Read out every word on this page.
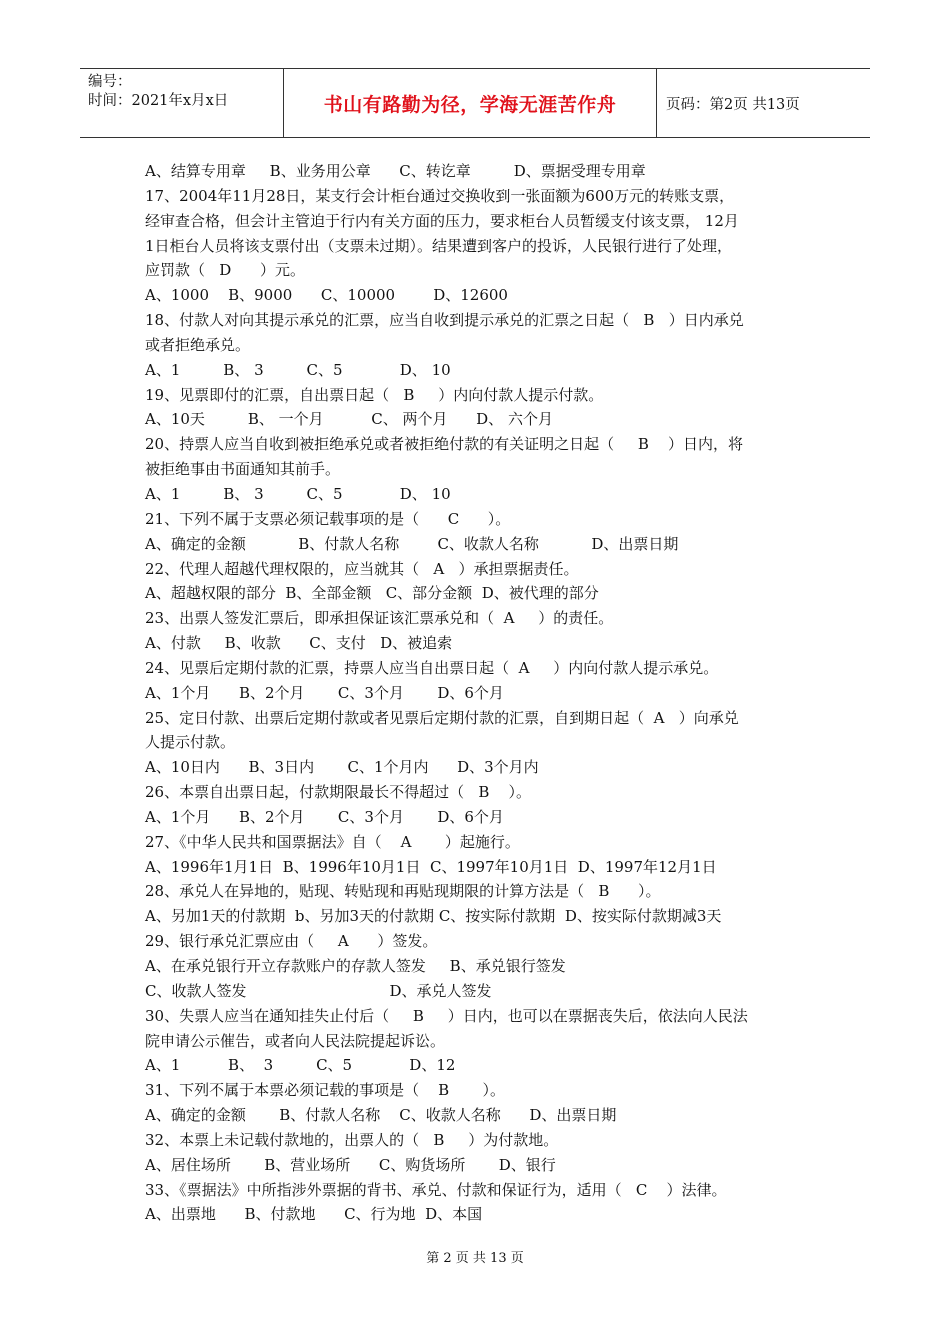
编号：
时间：2021年x月x日	书山有路勤为径，学海无涯苦作舟	页码：第2页 共13页
A、结算专用章     B、业务用公章      C、转讫章         D、票据受理专用章
17、2004年11月28日，某支行会计柜台通过交换收到一张面额为600万元的转账支票，
经审查合格，但会计主管迫于行内有关方面的压力，要求柜台人员暂缓支付该支票， 12月
1日柜台人员将该支票付出（支票未过期）。结果遭到客户的投诉，人民银行进行了处理，
应罚款（   D      ）元。
A、1000    B、9000      C、10000        D、12600
18、付款人对向其提示承兑的汇票，应当自收到提示承兑的汇票之日起（   B   ）日内承兑
或者拒绝承兑。
A、1         B、 3         C、5            D、 10
19、见票即付的汇票，自出票日起（   B     ）内向付款人提示付款。
A、10天         B、 一个月          C、 两个月      D、 六个月
20、持票人应当自收到被拒绝承兑或者被拒绝付款的有关证明之日起（     B    ）日内，将
被拒绝事由书面通知其前手。
A、1         B、 3         C、5            D、 10
21、下列不属于支票必须记载事项的是（      C      ）。
A、确定的金额           B、付款人名称        C、收款人名称           D、出票日期
22、代理人超越代理权限的，应当就其（   A   ）承担票据责任。
A、超越权限的部分  B、全部金额   C、部分金额  D、被代理的部分
23、出票人签发汇票后，即承担保证该汇票承兑和（  A     ）的责任。
A、付款     B、收款      C、支付   D、被追索
24、见票后定期付款的汇票，持票人应当自出票日起（  A     ）内向付款人提示承兑。
A、1个月      B、2个月       C、3个月       D、6个月
25、定日付款、出票后定期付款或者见票后定期付款的汇票，自到期日起（  A   ）向承兑
人提示付款。
A、10日内      B、3日内       C、1个月内      D、3个月内
26、本票自出票日起，付款期限最长不得超过（   B    ）。
A、1个月      B、2个月       C、3个月       D、6个月
27、《中华人民共和国票据法》自（    A       ）起施行。
A、1996年1月1日  B、1996年10月1日  C、1997年10月1日  D、1997年12月1日
28、承兑人在异地的，贴现、转贴现和再贴现期限的计算方法是（   B      ）。
A、另加1天的付款期  b、另加3天的付款期 C、按实际付款期  D、按实际付款期减3天
29、银行承兑汇票应由（     A      ）签发。
A、在承兑银行开立存款账户的存款人签发     B、承兑银行签发
C、收款人签发                              D、承兑人签发
30、失票人应当在通知挂失止付后（     B     ）日内，也可以在票据丧失后，依法向人民法
院申请公示催告，或者向人民法院提起诉讼。
A、1          B、  3         C、5            D、12
31、下列不属于本票必须记载的事项是（    B       ）。
A、确定的金额       B、付款人名称    C、收款人名称      D、出票日期
32、本票上未记载付款地的，出票人的（   B     ）为付款地。
A、居住场所       B、营业场所      C、购货场所       D、银行
33、《票据法》中所指涉外票据的背书、承兑、付款和保证行为，适用（   C    ）法律。
A、出票地      B、付款地      C、行为地  D、本国
第 2 页 共 13 页
